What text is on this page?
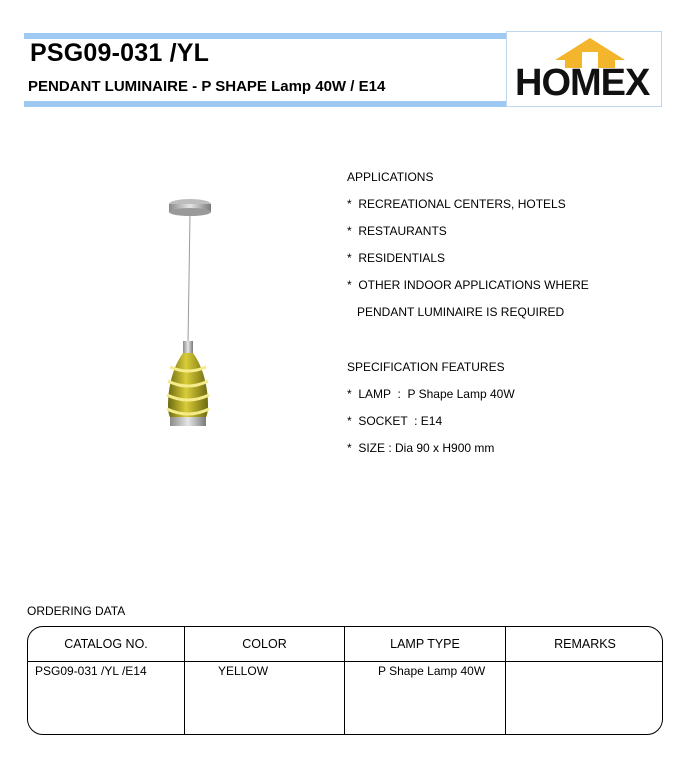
PSG09-031 /YL
PENDANT LUMINAIRE - P SHAPE Lamp 40W / E14	HOMEX
APPLICATIONS
*  RECREATIONAL CENTERS, HOTELS
*  RESTAURANTS
*  RESIDENTIALS
*  OTHER INDOOR APPLICATIONS WHERE
PENDANT LUMINAIRE IS REQUIRED
SPECIFICATION FEATURES
*  LAMP  :  P Shape Lamp 40W
*  SOCKET  : E14
*  SIZE : Dia 90 x H900 mm
ORDERING DATA
CATALOG NO.	COLOR	LAMP TYPE	REMARKS
PSG09-031 /YL /E14	YELLOW	P Shape Lamp 40W
